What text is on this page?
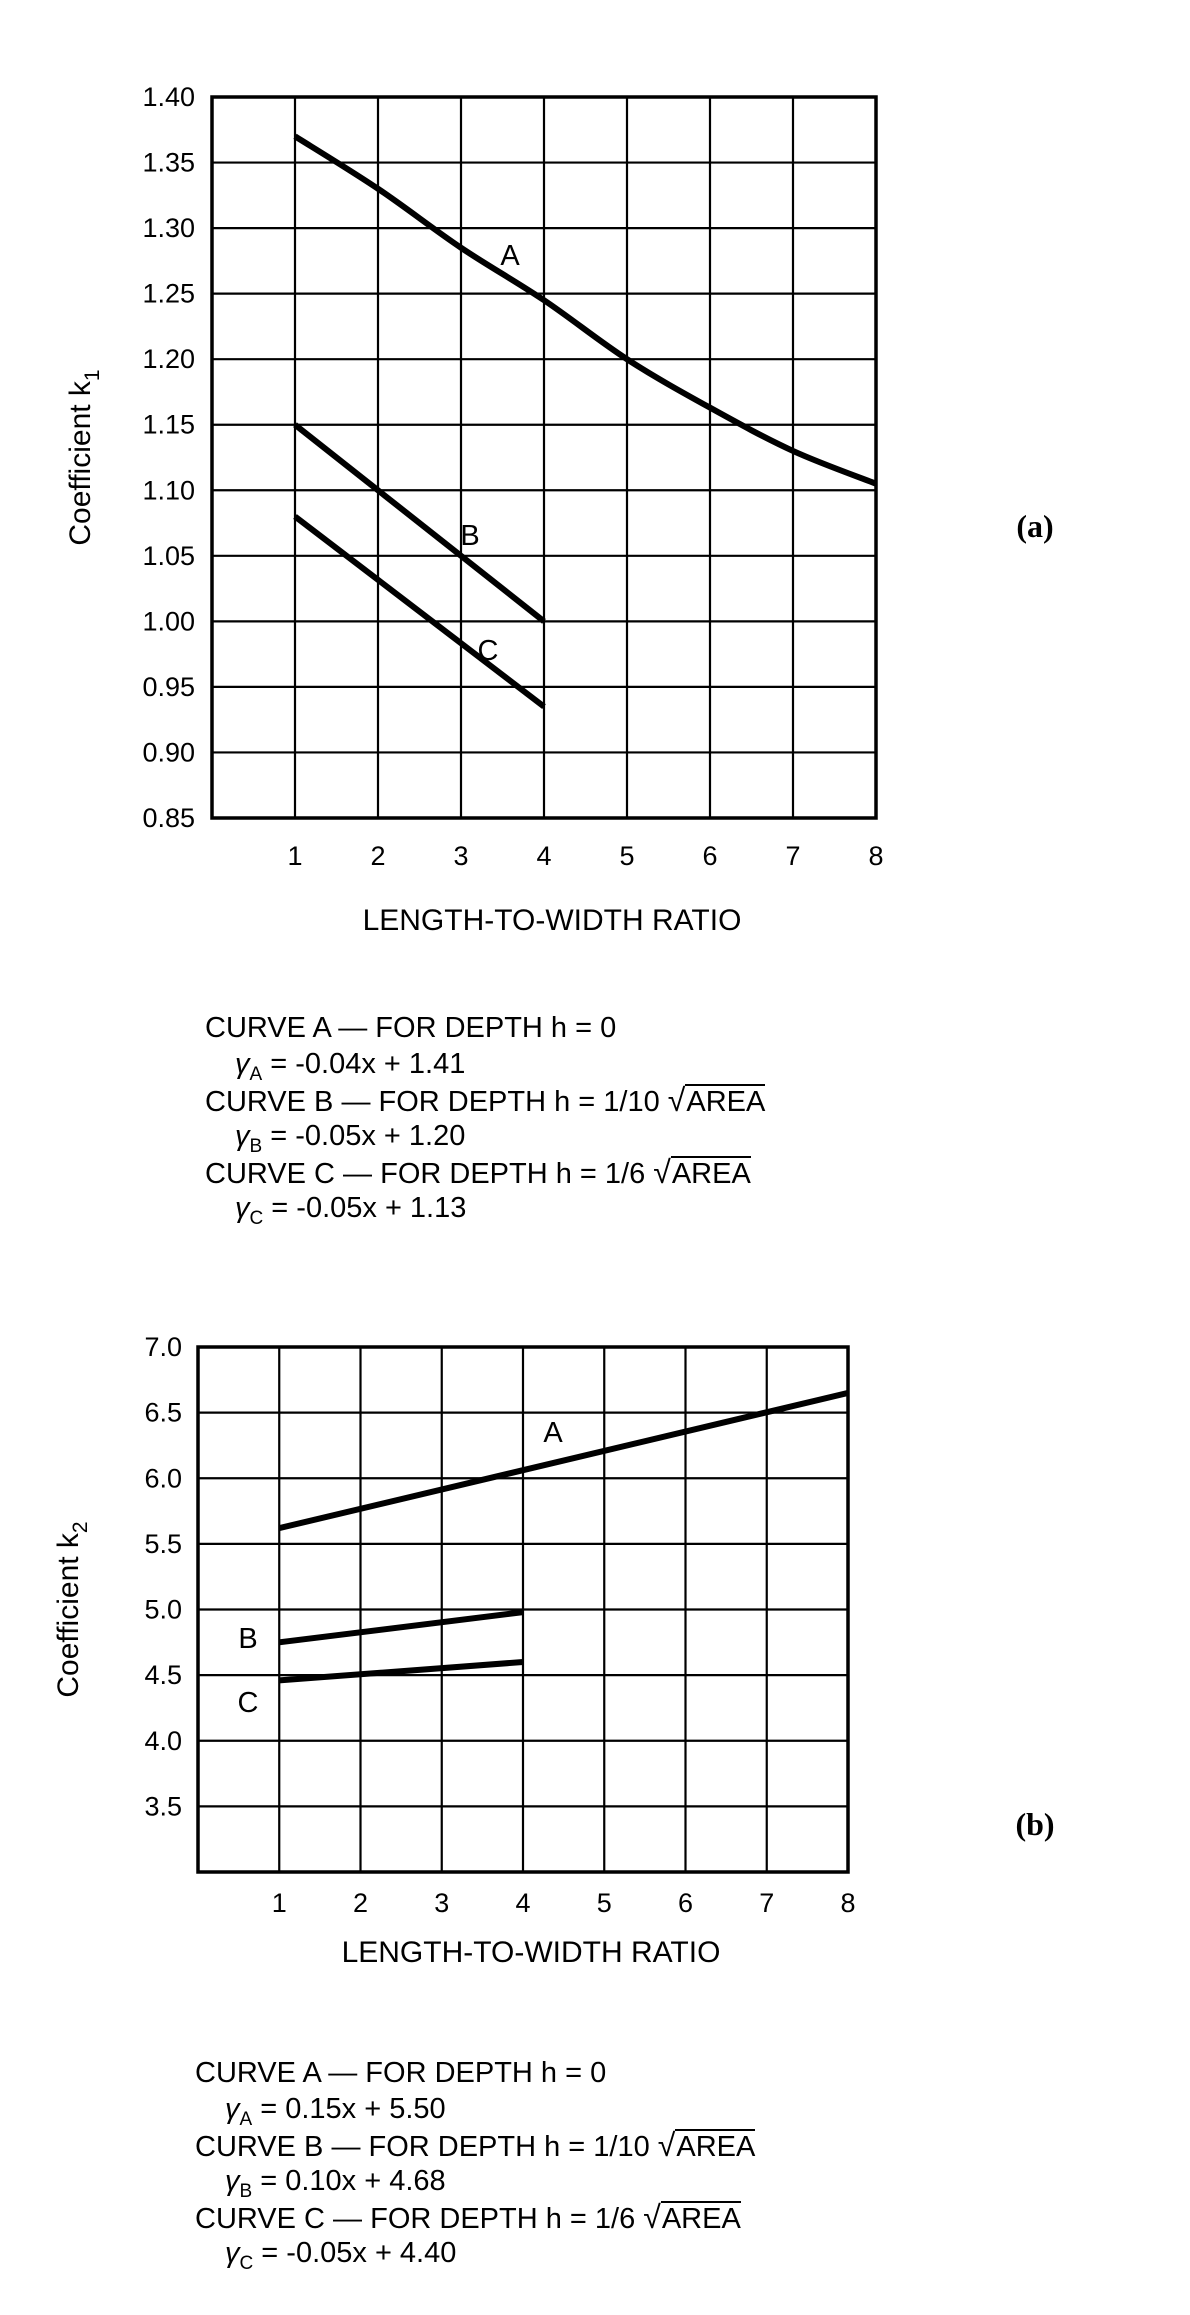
1	2	3	4	5	6	7	8
0.85
0.90
0.95
1.00
1.05
1.10
1.15
1.20
1.25
1.30
1.35
1.40
LENGTH-TO-WIDTH RATIO
Coefficient $k_1$
A
B
C
(a)
1 2 3 4 5 6 7 8
3.5
4.0
4.5
5.0
5.5
6.0
6.5
7.0
LENGTH-TO-WIDTH RATIO
Coefficient $k_2$
A
B
C
(b)
CURVE A — FOR DEPTH h = 0
$\gamma_A = -0.04x + 1.41$
CURVE B — FOR DEPTH h = 1/10 √AREA
$\gamma_B = -0.05x + 1.20$
CURVE C — FOR DEPTH h = 1/6 √AREA
$\gamma_C = -0.05x + 1.13$
CURVE A — FOR DEPTH h = 0
$\gamma_A = 0.15x + 5.50$
CURVE B — FOR DEPTH h = 1/10 √AREA
$\gamma_B = 0.10x + 4.68$
CURVE C — FOR DEPTH h = 1/6 √AREA
$\gamma_C = -0.05x + 4.40$
